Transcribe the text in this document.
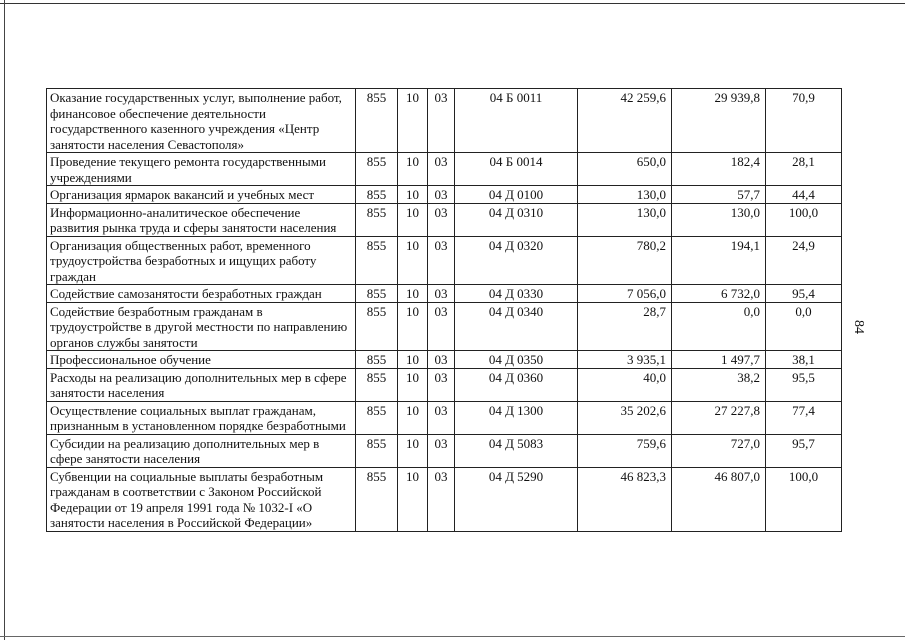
84
Оказание государственных услуг, выполнение работ, финансовое обеспечение деятельности государственного казенного учреждения «Центр занятости населения Севастополя»	855	10	03	04 Б 0011	42 259,6	29 939,8	70,9
Проведение текущего ремонта государственными учреждениями	855	10	03	04 Б 0014	650,0	182,4	28,1
Организация ярмарок вакансий и учебных мест	855	10	03	04 Д 0100	130,0	57,7	44,4
Информационно-аналитическое обеспечение развития рынка труда и сферы занятости населения	855	10	03	04 Д 0310	130,0	130,0	100,0
Организация общественных работ, временного трудоустройства безработных и ищущих работу граждан	855	10	03	04 Д 0320	780,2	194,1	24,9
Содействие самозанятости безработных граждан	855	10	03	04 Д 0330	7 056,0	6 732,0	95,4
Содействие безработным гражданам в трудоустройстве в другой местности по направлению органов службы занятости	855	10	03	04 Д 0340	28,7	0,0	0,0
Профессиональное обучение	855	10	03	04 Д 0350	3 935,1	1 497,7	38,1
Расходы на реализацию дополнительных мер в сфере занятости населения	855	10	03	04 Д 0360	40,0	38,2	95,5
Осуществление социальных выплат гражданам, признанным в установленном порядке безработными	855	10	03	04 Д 1300	35 202,6	27 227,8	77,4
Субсидии на реализацию дополнительных мер в сфере занятости населения	855	10	03	04 Д 5083	759,6	727,0	95,7
Субвенции на социальные выплаты безработным гражданам в соответствии с Законом Российской Федерации от 19 апреля 1991 года № 1032-I «О занятости населения в Российской Федерации»	855	10	03	04 Д 5290	46 823,3	46 807,0	100,0
